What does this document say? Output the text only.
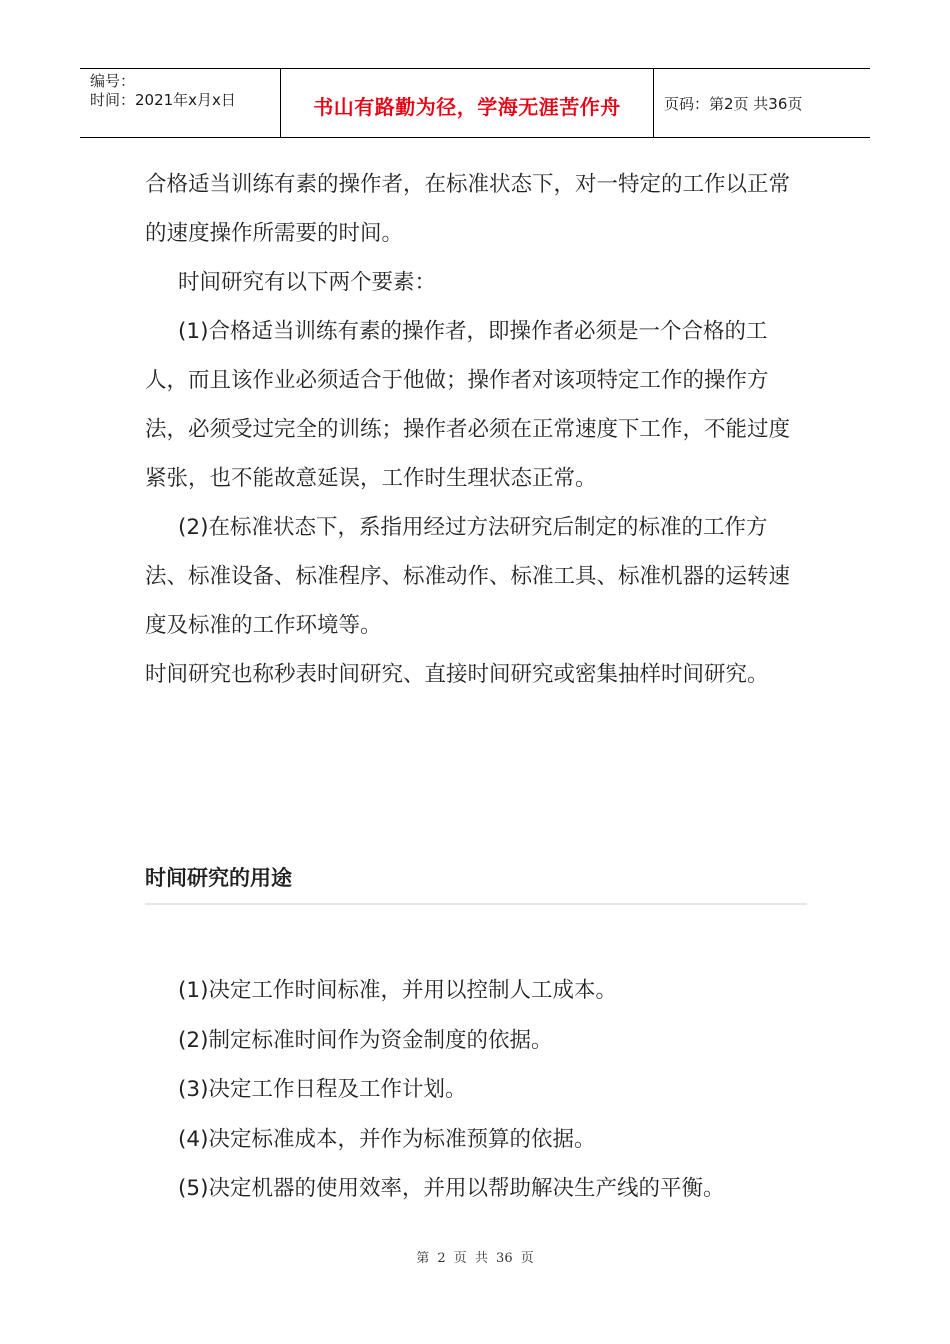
编号：
时间：2021年x月x日	书山有路勤为径，学海无涯苦作舟	页码：第2页 共36页

合格适当训练有素的操作者，在标准状态下，对一特定的工作以正常的速度操作所需要的时间。

时间研究有以下两个要素：

(1)合格适当训练有素的操作者，即操作者必须是一个合格的工人，而且该作业必须适合于他做；操作者对该项特定工作的操作方法，必须受过完全的训练；操作者必须在正常速度下工作，不能过度紧张，也不能故意延误，工作时生理状态正常。

(2)在标准状态下，系指用经过方法研究后制定的标准的工作方法、标准设备、标准程序、标准动作、标准工具、标准机器的运转速度及标准的工作环境等。

时间研究也称秒表时间研究、直接时间研究或密集抽样时间研究。

时间研究的用途
(1)决定工作时间标准，并用以控制人工成本。
(2)制定标准时间作为资金制度的依据。
(3)决定工作日程及工作计划。
(4)决定标准成本，并作为标准预算的依据。
(5)决定机器的使用效率，并用以帮助解决生产线的平衡。
第 2 页 共 36 页
